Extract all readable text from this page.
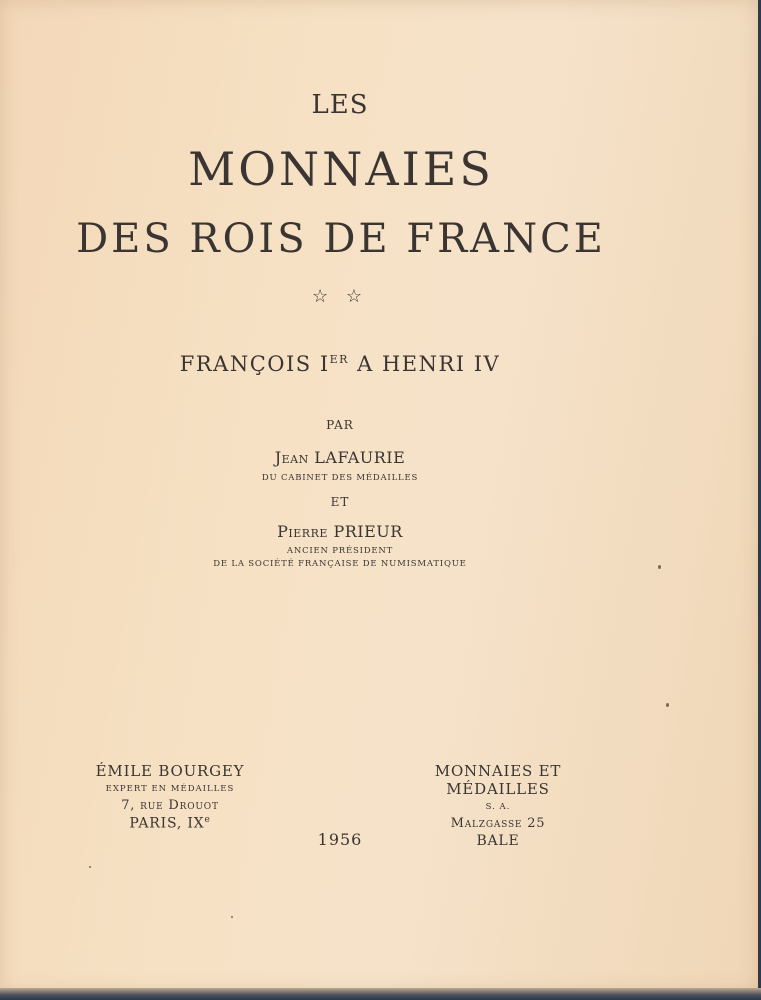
LES
MONNAIES
DES ROIS DE FRANCE
☆ ☆
FRANÇOIS IER A HENRI IV
PAR
Jean LAFAURIE
DU CABINET DES MÉDAILLES
ET
Pierre PRIEUR
ANCIEN PRÉSIDENT
DE LA SOCIÉTÉ FRANÇAISE DE NUMISMATIQUE

ÉMILE BOURGEY

EXPERT EN MÉDAILLES

7, rue Drouot

PARIS, IXe

MONNAIES ET MÉDAILLES

S. A.

Malzgasse 25

BALE

1956
